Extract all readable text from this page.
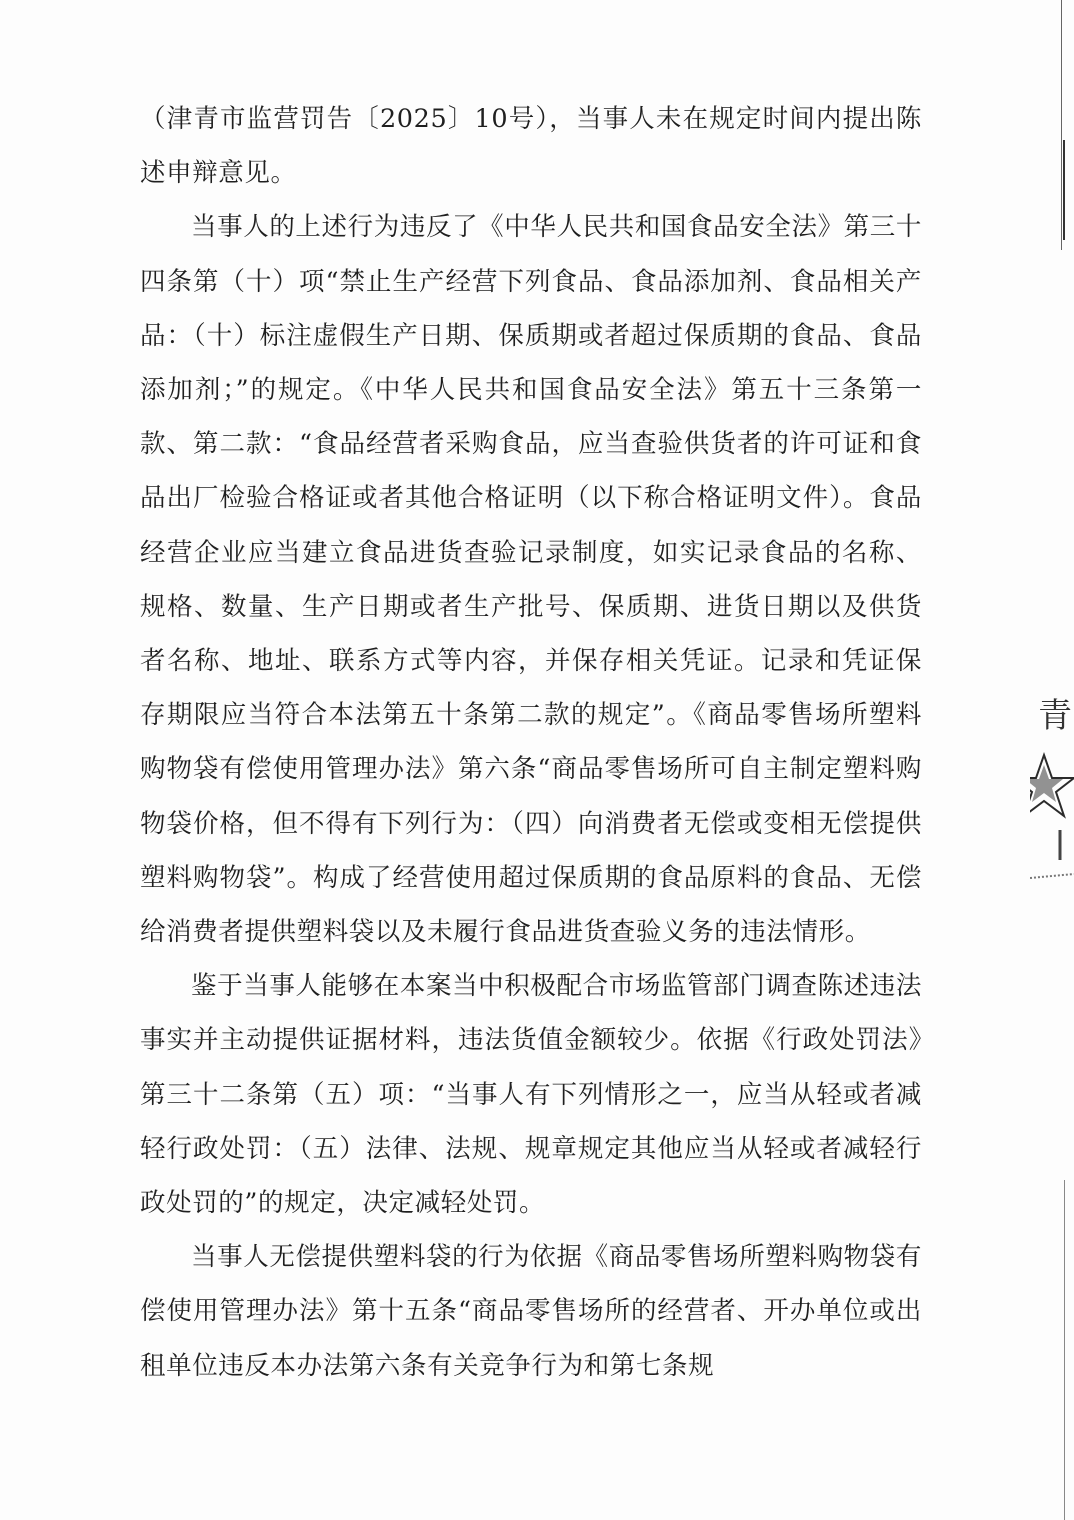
（津青市监营罚告〔2025〕10号），当事人未在规定时间内提出陈述申辩意见。

当事人的上述行为违反了《中华人民共和国食品安全法》第三十四条第（十）项“禁止生产经营下列食品、食品添加剂、食品相关产品：（十）标注虚假生产日期、保质期或者超过保质期的食品、食品添加剂；”的规定。《中华人民共和国食品安全法》第五十三条第一款、第二款：“食品经营者采购食品，应当查验供货者的许可证和食品出厂检验合格证或者其他合格证明（以下称合格证明文件）。食品经营企业应当建立食品进货查验记录制度，如实记录食品的名称、规格、数量、生产日期或者生产批号、保质期、进货日期以及供货者名称、地址、联系方式等内容，并保存相关凭证。记录和凭证保存期限应当符合本法第五十条第二款的规定”。《商品零售场所塑料购物袋有偿使用管理办法》第六条“商品零售场所可自主制定塑料购物袋价格，但不得有下列行为：（四）向消费者无偿或变相无偿提供塑料购物袋”。构成了经营使用超过保质期的食品原料的食品、无偿给消费者提供塑料袋以及未履行食品进货查验义务的违法情形。

鉴于当事人能够在本案当中积极配合市场监管部门调查陈述违法事实并主动提供证据材料，违法货值金额较少。依据《行政处罚法》第三十二条第（五）项：“当事人有下列情形之一，应当从轻或者减轻行政处罚：（五）法律、法规、规章规定其他应当从轻或者减轻行政处罚的”的规定，决定减轻处罚。

当事人无偿提供塑料袋的行为依据《商品零售场所塑料购物袋有偿使用管理办法》第十五条“商品零售场所的经营者、开办单位或出租单位违反本办法第六条有关竞争行为和第七条规

青
